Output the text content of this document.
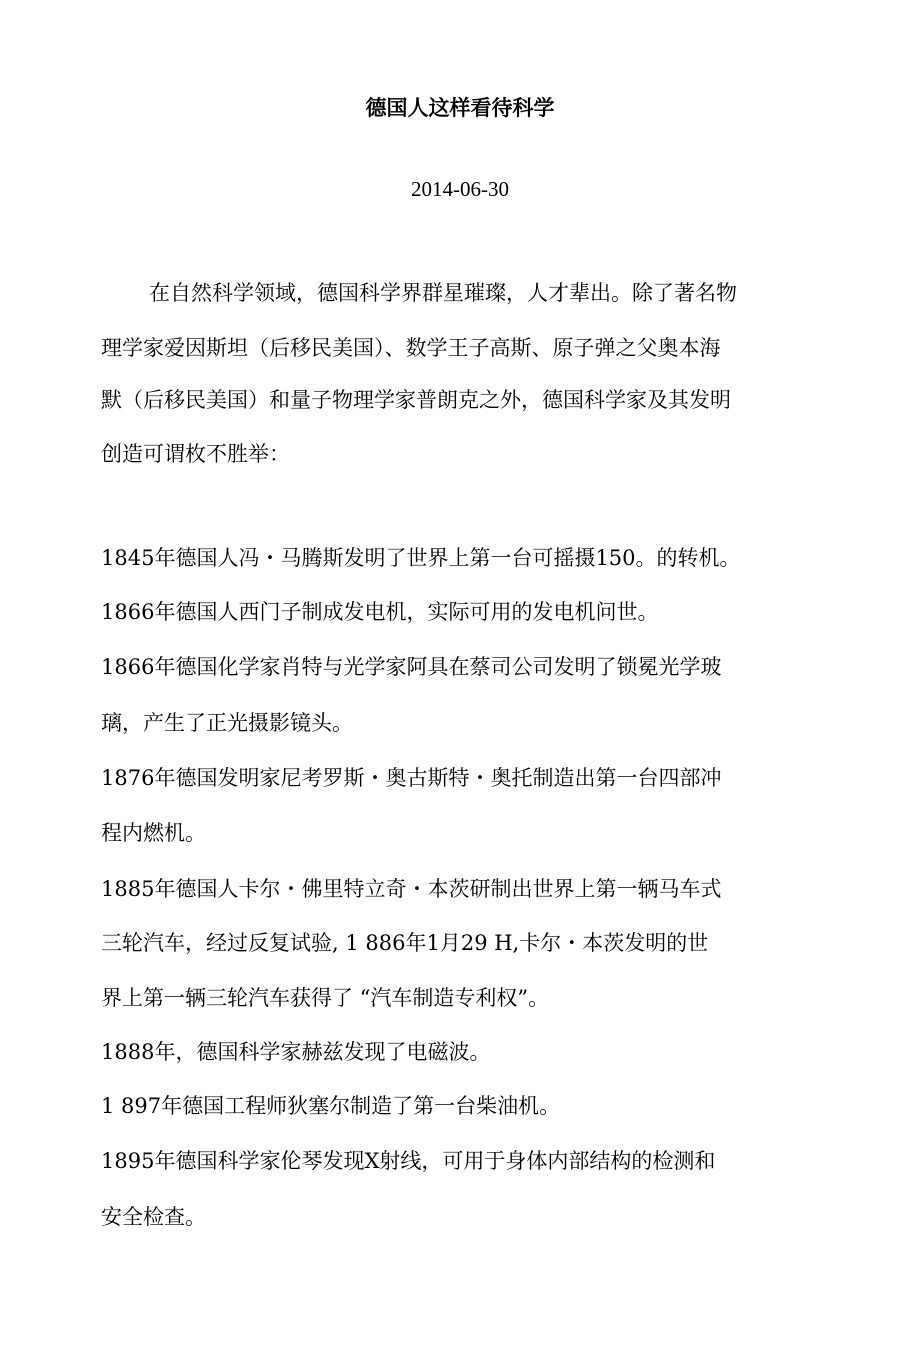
德国人这样看待科学
2014-06-30
在自然科学领域，德国科学界群星璀璨，人才辈出。除了著名物
理学家爱因斯坦（后移民美国）、数学王子高斯、原子弹之父奥本海
默（后移民美国）和量子物理学家普朗克之外，德国科学家及其发明
创造可谓枚不胜举：
1845年德国人冯・马腾斯发明了世界上第一台可摇摄150。的转机。
1866年德国人西门子制成发电机，实际可用的发电机问世。
1866年德国化学家肖特与光学家阿具在蔡司公司发明了锁冕光学玻
璃，产生了正光摄影镜头。
1876年德国发明家尼考罗斯・奥古斯特・奥托制造出第一台四部冲
程内燃机。
1885年德国人卡尔・佛里特立奇・本茨研制出世界上第一辆马车式
三轮汽车，经过反复试验, 1 886年1月29 H,卡尔・本茨发明的世
界上第一辆三轮汽车获得了 “汽车制造专利权”。
1888年，德国科学家赫兹发现了电磁波。
1 897年德国工程师狄塞尔制造了第一台柴油机。
1895年德国科学家伦琴发现X射线，可用于身体内部结构的检测和
安全检查。
